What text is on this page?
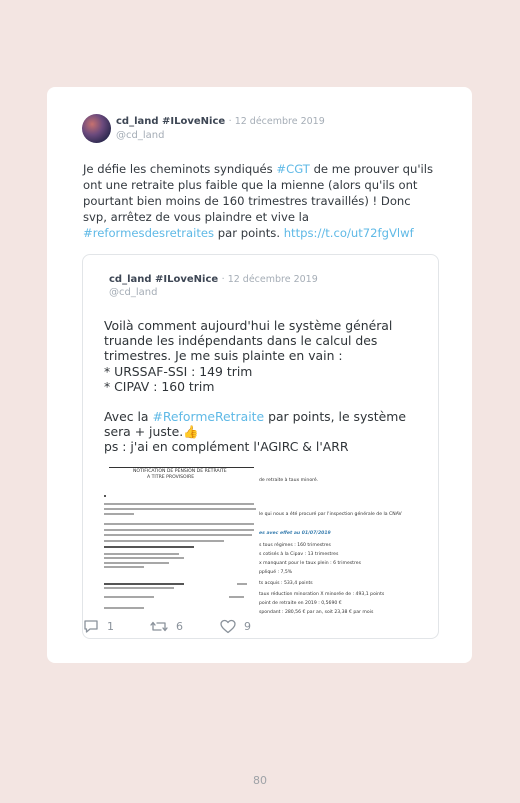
cd_land #ILoveNice · 12 décembre 2019
@cd_land
Je défie les cheminots syndiqués #CGT de me prouver qu'ils ont une retraite plus faible que la mienne (alors qu'ils ont pourtant bien moins de 160 trimestres travaillés) ! Donc svp, arrêtez de vous plaindre et vive la #reformesdesretraites par points. https://t.co/ut72fgVlwf
cd_land #ILoveNice · 12 décembre 2019
@cd_land

Voilà comment aujourd'hui le système général truande les indépendants dans le calcul des trimestres. Je me suis plainte en vain :

* URSSAF-SSI : 149 trim

* CIPAV : 160 trim

Avec la #ReformeRetraite par points, le système sera + juste.👍

ps : j'ai en complément l'AGIRC & l'ARR

NOTIFICATION DE PENSION DE RETRAITE
A TITRE PROVISOIRE
de retraite à taux minoré.
le qui nous a été procuré par l'inspection générale de la CNAV
es avec effet au 01/07/2019
s tous régimes : 160 trimestres
s cotisés à la Cipav : 13 trimestres
x manquant pour le taux plein : 6 trimestres
ppliqué : 7,5%
ts acquis : 533,4 points
taux réduction minoration X minorée de : 493,1 points
point de retraite en 2019 : 0,5690 €
spondant : 280,56 € par an, soit 23,38 € par mois
1	6	9
80
